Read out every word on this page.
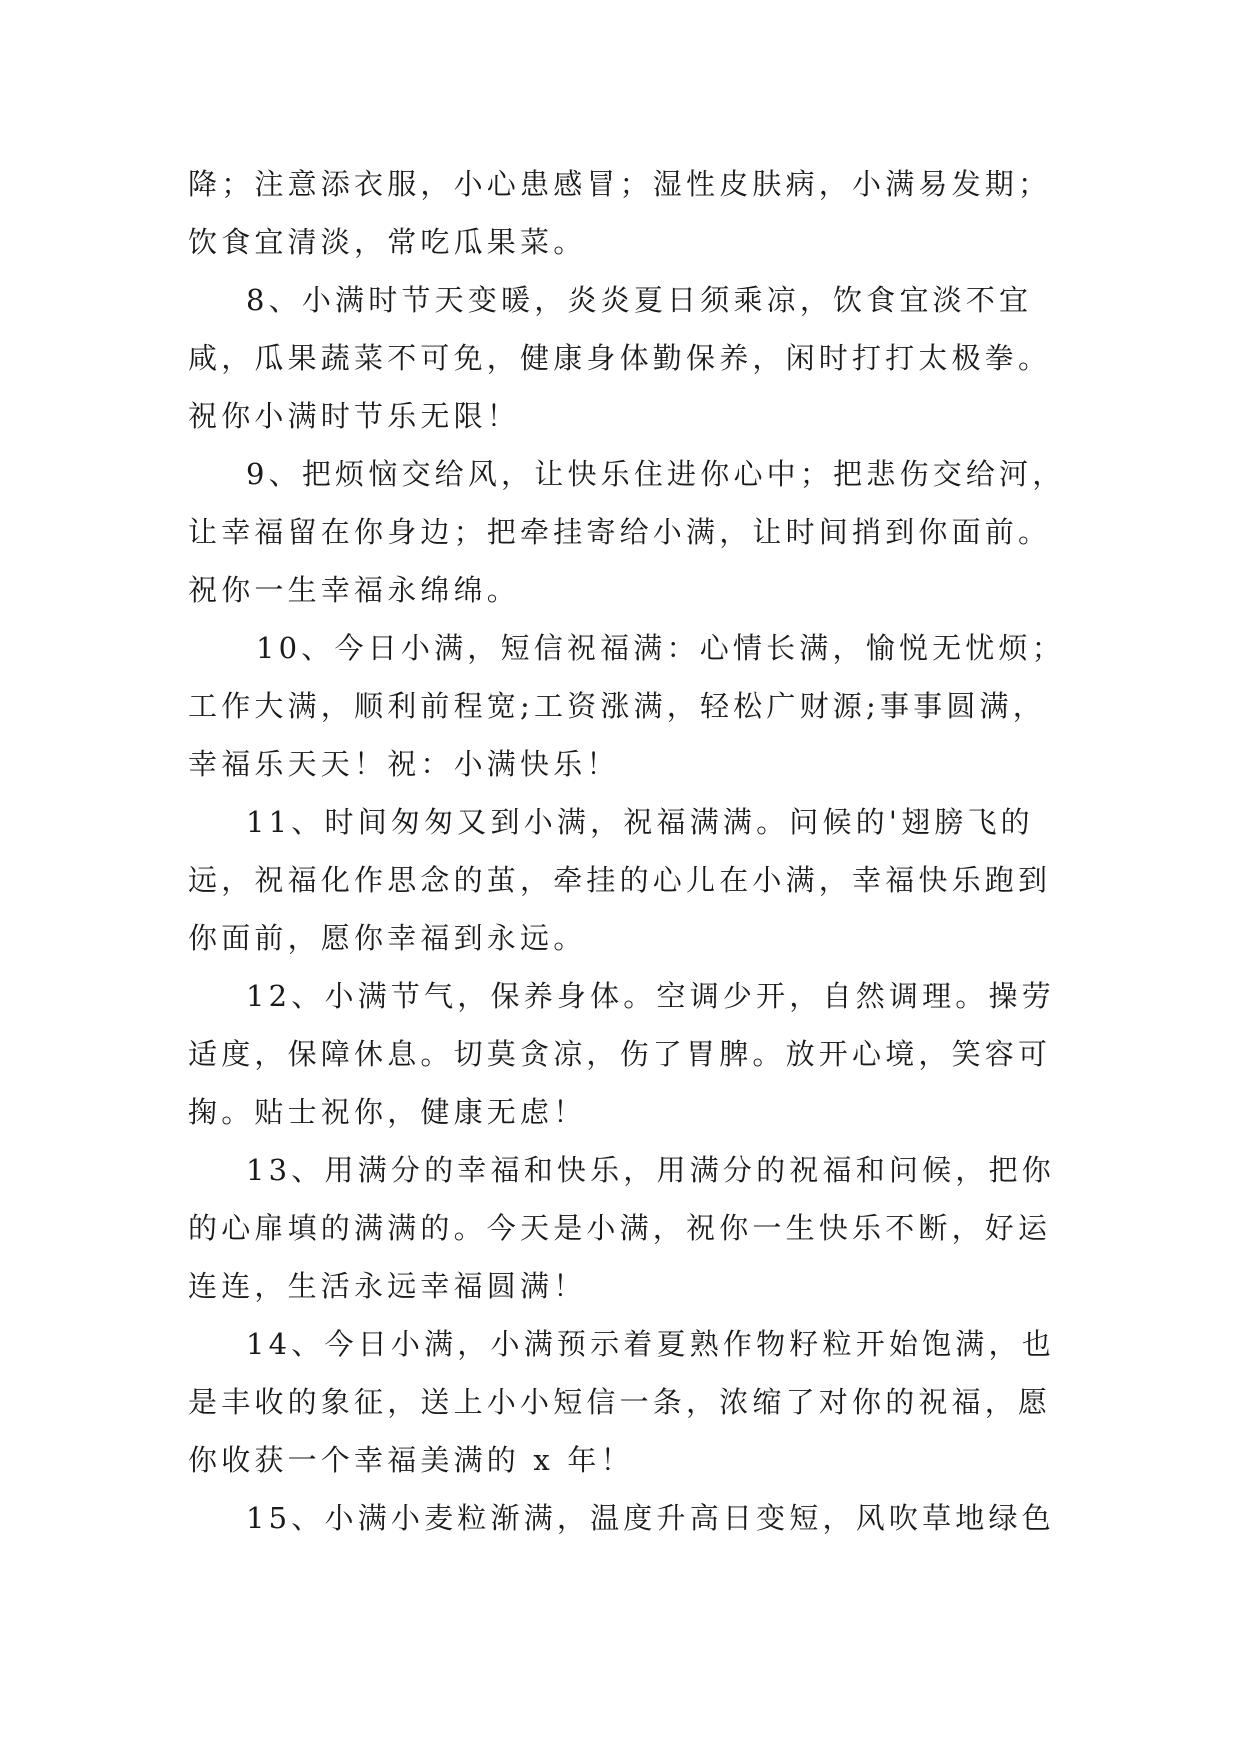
降；注意添衣服，小心患感冒；湿性皮肤病，小满易发期；
饮食宜清淡，常吃瓜果菜。
8、小满时节天变暖，炎炎夏日须乘凉，饮食宜淡不宜
咸，瓜果蔬菜不可免，健康身体勤保养，闲时打打太极拳。
祝你小满时节乐无限！
9、把烦恼交给风，让快乐住进你心中；把悲伤交给河，
让幸福留在你身边；把牵挂寄给小满，让时间捎到你面前。
祝你一生幸福永绵绵。
10、今日小满，短信祝福满：心情长满，愉悦无忧烦；
工作大满，顺利前程宽;工资涨满，轻松广财源;事事圆满，
幸福乐天天！祝：小满快乐！
11、时间匆匆又到小满，祝福满满。问候的'翅膀飞的
远，祝福化作思念的茧，牵挂的心儿在小满，幸福快乐跑到
你面前，愿你幸福到永远。
12、小满节气，保养身体。空调少开，自然调理。操劳
适度，保障休息。切莫贪凉，伤了胃脾。放开心境，笑容可
掬。贴士祝你，健康无虑！
13、用满分的幸福和快乐，用满分的祝福和问候，把你
的心扉填的满满的。今天是小满，祝你一生快乐不断，好运
连连，生活永远幸福圆满！
14、今日小满，小满预示着夏熟作物籽粒开始饱满，也
是丰收的象征，送上小小短信一条，浓缩了对你的祝福，愿
你收获一个幸福美满的 x 年！
15、小满小麦粒渐满，温度升高日变短，风吹草地绿色
